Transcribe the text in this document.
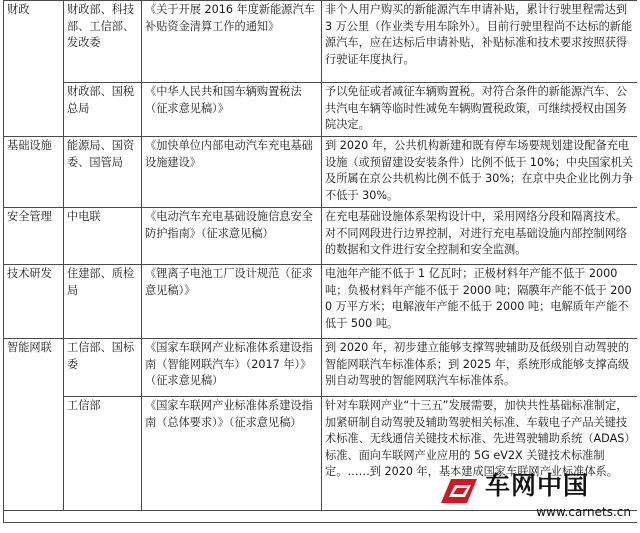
财政	财政部、科技部、工信部、发改委	《关于开展 2016 年度新能源汽车补贴资金清算工作的通知》	非个人用户购买的新能源汽车申请补贴，累计行驶里程需达到 3 万公里（作业类专用车除外）。目前行驶里程尚不达标的新能源汽车，应在达标后申请补贴，补贴标准和技术要求按照获得行驶证年度执行。
	财政部、国税总局	《中华人民共和国车辆购置税法（征求意见稿）》	予以免征或者减征车辆购置税。对符合条件的新能源汽车、公共汽电车辆等临时性减免车辆购置税政策，可继续授权由国务院决定。
基础设施	能源局、国资委、国管局	《加快单位内部电动汽车充电基础设施建设》	到 2020 年，公共机构新建和既有停车场要规划建设配备充电设施（或预留建设安装条件）比例不低于 10%；中央国家机关及所属在京公共机构比例不低于 30%；在京中央企业比例力争不低于 30%。
安全管理	中电联	《电动汽车充电基础设施信息安全防护指南》（征求意见稿）	在充电基础设施体系架构设计中，采用网络分段和隔离技术。对不同网段进行边界控制，对进行充电基础设施内部控制网络的数据和文件进行安全控制和安全监测。
技术研发	住建部、质检局	《锂离子电池工厂设计规范（征求意见稿）》	电池年产能不低于 1 亿瓦时；正极材料年产能不低于 2000 吨；负极材料年产能不低于 2000 吨；隔膜年产能不低于 2000 万平方米；电解液年产能不低于 2000 吨；电解质年产能不低于 500 吨。
智能网联	工信部、国标委	《国家车联网产业标准体系建设指南（智能网联汽车）（2017 年）》（征求意见稿）	到 2020 年，初步建立能够支撑驾驶辅助及低级别自动驾驶的智能网联汽车标准体系；到 2025 年，系统形成能够支撑高级别自动驾驶的智能网联汽车标准体系。
	工信部	《国家车联网产业标准体系建设指南（总体要求）》（征求意见稿）	针对车联网产业“十三五”发展需要，加快共性基础标准制定，加紧研制自动驾驶及辅助驾驶相关标准、车载电子产品关键技术标准、无线通信关键技术标准、先进驾驶辅助系统（ADAS）标准、面向车联网产业应用的 5G eV2X 关键技术标准制定。……到 2020 年，基本建成国家车联网产业标准体系。

车网中国
www.carnets.cn
